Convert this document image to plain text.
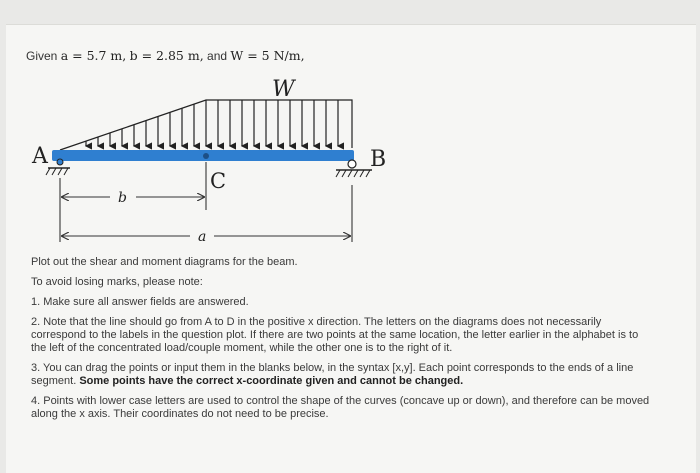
Given a = 5.7 m, b = 2.85 m, and W = 5 N/m,
W
A	B
C
b
a

Plot out the shear and moment diagrams for the beam.

To avoid losing marks, please note:

1. Make sure all answer fields are answered.

2. Note that the line should go from A to D in the positive x direction. The letters on the diagrams does not necessarily correspond to the labels in the question plot. If there are two points at the same location, the letter earlier in the alphabet is to the left of the concentrated load/couple moment, while the other one is to the right of it.

3. You can drag the points or input them in the blanks below, in the syntax [x,y]. Each point corresponds to the ends of a line segment. Some points have the correct x-coordinate given and cannot be changed.

4. Points with lower case letters are used to control the shape of the curves (concave up or down), and therefore can be moved along the x axis. Their coordinates do not need to be precise.
